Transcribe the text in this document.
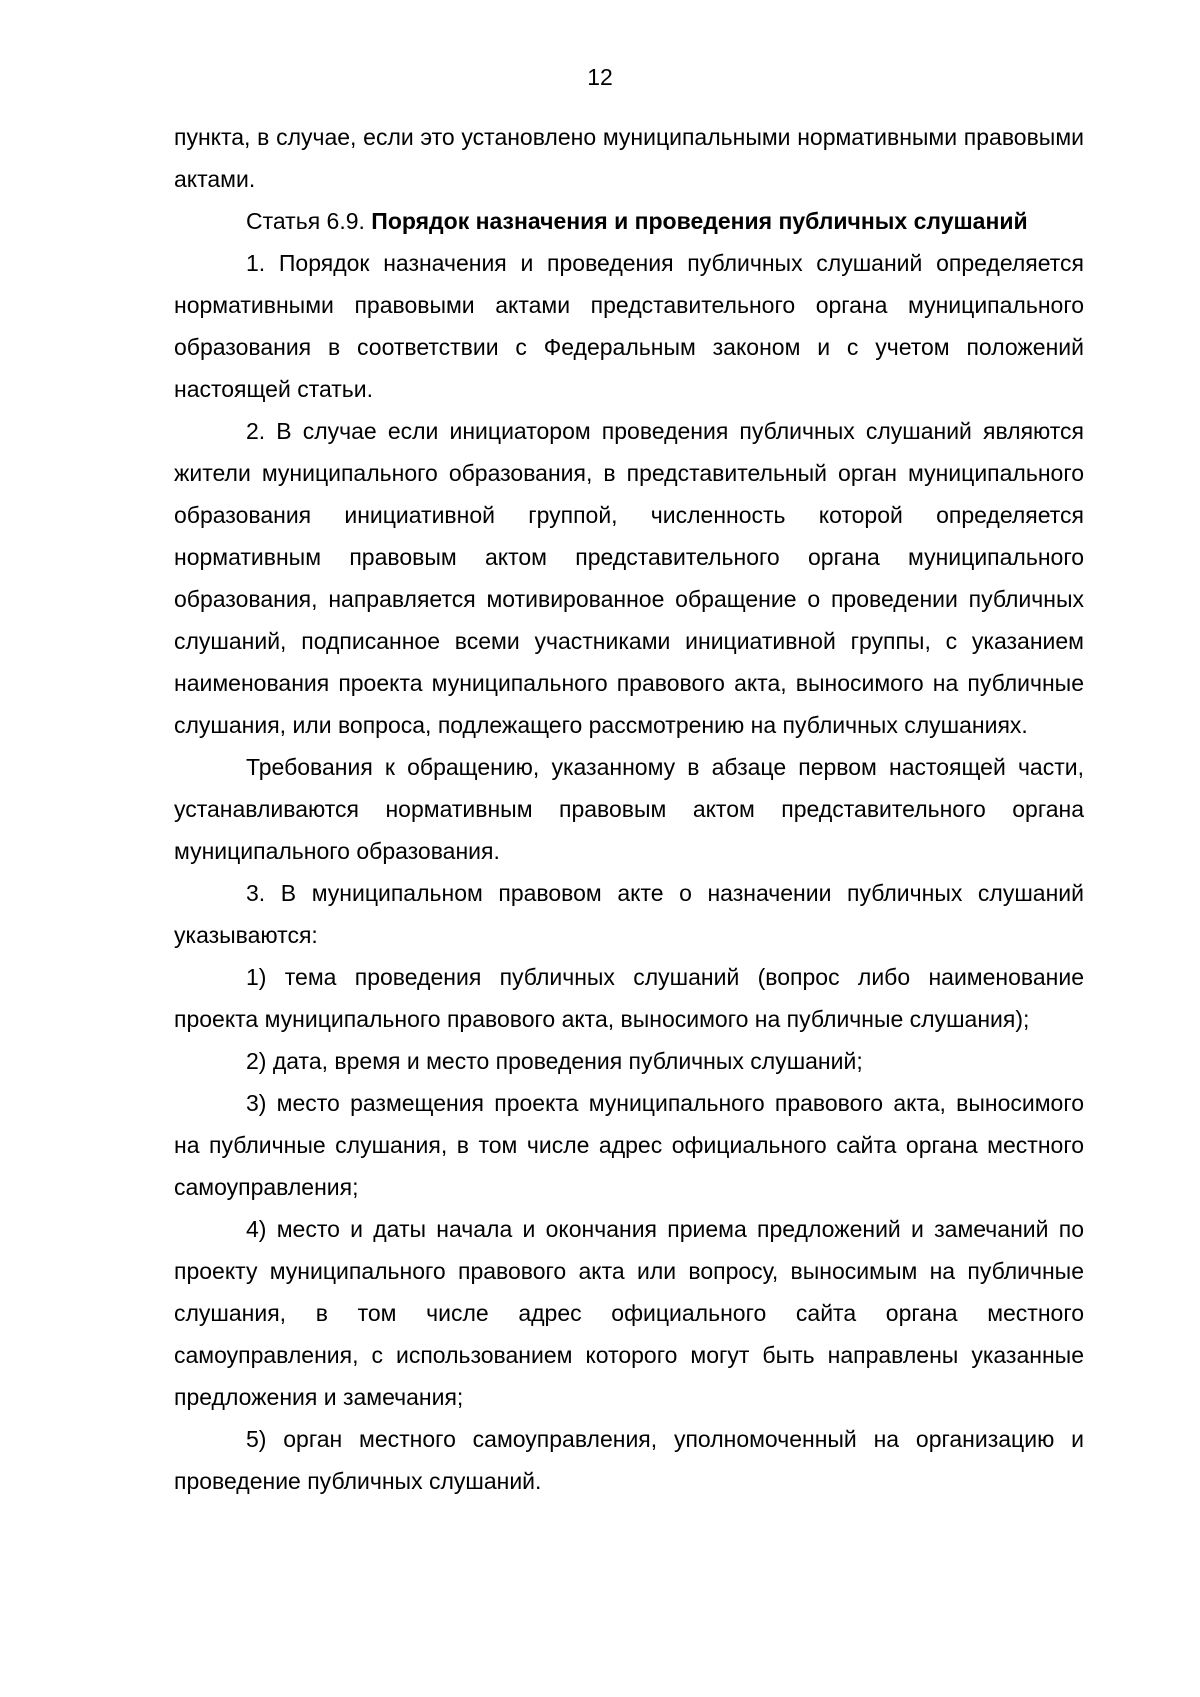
12

пункта, в случае, если это установлено муниципальными нормативными правовыми актами.

Статья 6.9. Порядок назначения и проведения публичных слушаний

1. Порядок назначения и проведения публичных слушаний определяется нормативными правовыми актами представительного органа муниципального образования в соответствии с Федеральным законом и с учетом положений настоящей статьи.

2. В случае если инициатором проведения публичных слушаний являются жители муниципального образования, в представительный орган муниципального образования инициативной группой, численность которой определяется нормативным правовым актом представительного органа муниципального образования, направляется мотивированное обращение о проведении публичных слушаний, подписанное всеми участниками инициативной группы, с указанием наименования проекта муниципального правового акта, выносимого на публичные слушания, или вопроса, подлежащего рассмотрению на публичных слушаниях.

Требования к обращению, указанному в абзаце первом настоящей части, устанавливаются нормативным правовым актом представительного органа муниципального образования.

3. В муниципальном правовом акте о назначении публичных слушаний указываются:

1) тема проведения публичных слушаний (вопрос либо наименование проекта муниципального правового акта, выносимого на публичные слушания);

2) дата, время и место проведения публичных слушаний;

3) место размещения проекта муниципального правового акта, выносимого на публичные слушания, в том числе адрес официального сайта органа местного самоуправления;

4) место и даты начала и окончания приема предложений и замечаний по проекту муниципального правового акта или вопросу, выносимым на публичные слушания, в том числе адрес официального сайта органа местного самоуправления, с использованием которого могут быть направлены указанные предложения и замечания;

5) орган местного самоуправления, уполномоченный на организацию и проведение публичных слушаний.
